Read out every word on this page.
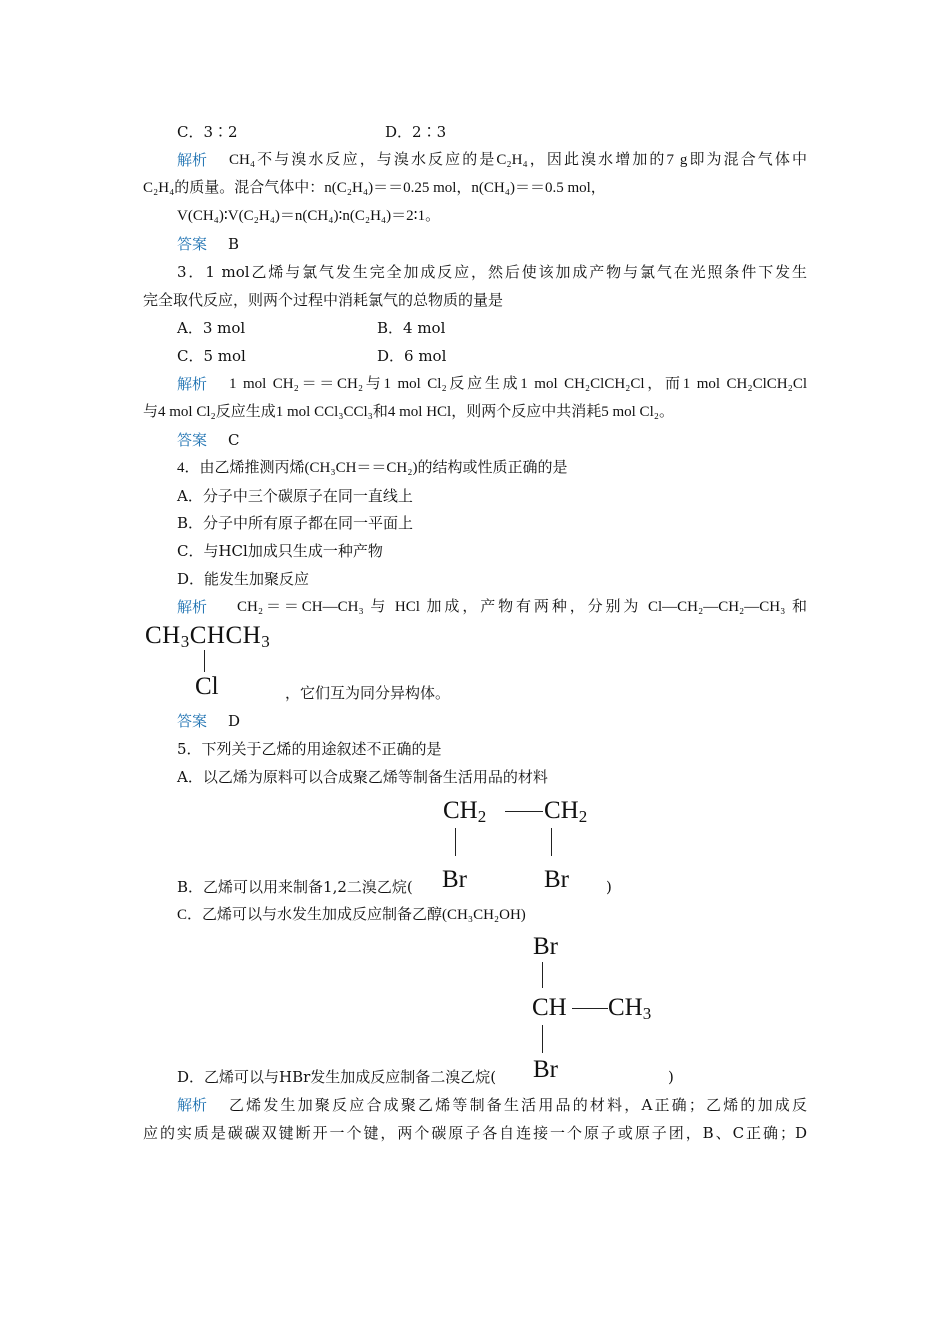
C．3∶2	D．2∶3
解析 CH₄不与溴水反应，与溴水反应的是C₂H₄，因此溴水增加的7 g即为混合气体中
C₂H₄的质量。混合气体中：n(C₂H₄)＝＝0.25 mol，n(CH₄)＝＝0.5 mol，
V(CH₄)∶V(C₂H₄)＝n(CH₄)∶n(C₂H₄)＝2∶1。
答案 B
3．1 mol乙烯与氯气发生完全加成反应，然后使该加成产物与氯气在光照条件下发生
完全取代反应，则两个过程中消耗氯气的总物质的量是
A．3 mol	B．4 mol
C．5 mol	D．6 mol
解析 1 mol CH₂＝＝CH₂与1 mol Cl₂反应生成1 mol CH₂ClCH₂Cl，而1 mol CH₂ClCH₂Cl
与4 mol Cl₂反应生成1 mol CCl₃CCl₃和4 mol HCl，则两个反应中共消耗5 mol Cl₂。
答案 C
4．由乙烯推测丙烯(CH₃CH＝＝CH₂)的结构或性质正确的是
A．分子中三个碳原子在同一直线上
B．分子中所有原子都在同一平面上
C．与HCl加成只生成一种产物
D．能发生加聚反应
解析 CH₂＝＝CH—CH₃ 与 HCl 加成，产物有两种，分别为 Cl—CH₂—CH₂—CH₃ 和
CH3CHCH3
Cl	，它们互为同分异构体。
答案 D
5．下列关于乙烯的用途叙述不正确的是
A．以乙烯为原料可以合成聚乙烯等制备生活用品的材料
CH2 CH2
B．乙烯可以用来制备1,2二溴乙烷( Br	Br )
C．乙烯可以与水发生加成反应制备乙醇(CH₃CH₂OH)
Br
CH CH3
D．乙烯可以与HBr发生加成反应制备二溴乙烷( Br	)
解析 乙烯发生加聚反应合成聚乙烯等制备生活用品的材料，A正确；乙烯的加成反
应的实质是碳碳双键断开一个键，两个碳原子各自连接一个原子或原子团，B、C正确；D
